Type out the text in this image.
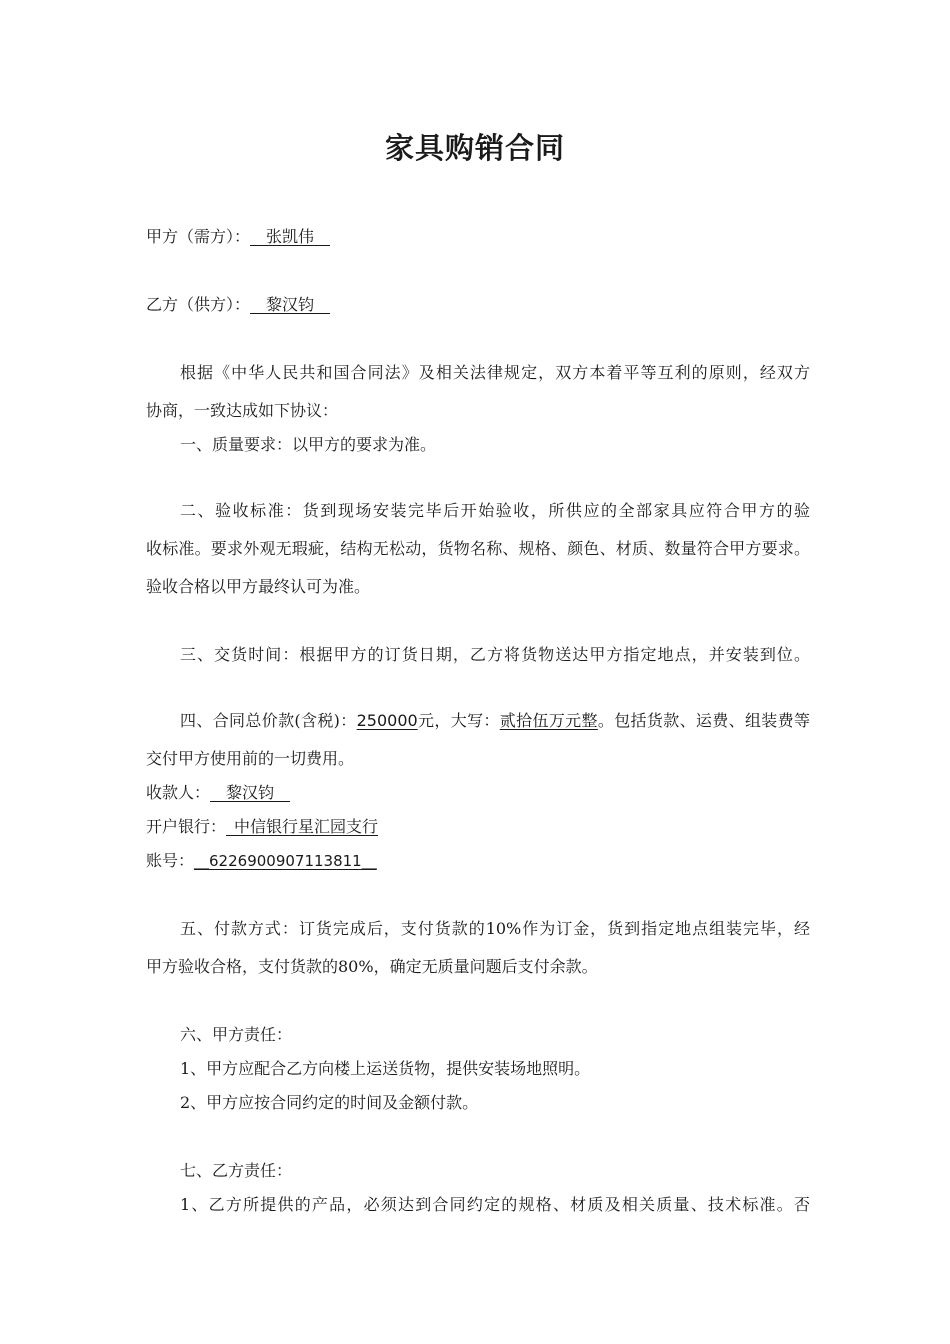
家具购销合同
甲方（需方）：__张凯伟__
乙方（供方）：__黎汉钧__
根据《中华人民共和国合同法》及相关法律规定，双方本着平等互利的原则，经双方
协商，一致达成如下协议：
一、质量要求：以甲方的要求为准。
二、验收标准：货到现场安装完毕后开始验收，所供应的全部家具应符合甲方的验
收标准。要求外观无瑕疵，结构无松动，货物名称、规格、颜色、材质、数量符合甲方要求。
验收合格以甲方最终认可为准。
三、交货时间：根据甲方的订货日期，乙方将货物送达甲方指定地点，并安装到位。
四、合同总价款(含税)：250000元，大写：贰拾伍万元整。包括货款、运费、组装费等
交付甲方使用前的一切费用。
收款人：__黎汉钧__
开户银行：_中信银行星汇园支行
账号：__6226900907113811__
五、付款方式：订货完成后，支付货款的10%作为订金，货到指定地点组装完毕，经
甲方验收合格，支付货款的80%，确定无质量问题后支付余款。
六、甲方责任：
1、甲方应配合乙方向楼上运送货物，提供安装场地照明。
2、甲方应按合同约定的时间及金额付款。
七、乙方责任：
1、乙方所提供的产品，必须达到合同约定的规格、材质及相关质量、技术标准。否
